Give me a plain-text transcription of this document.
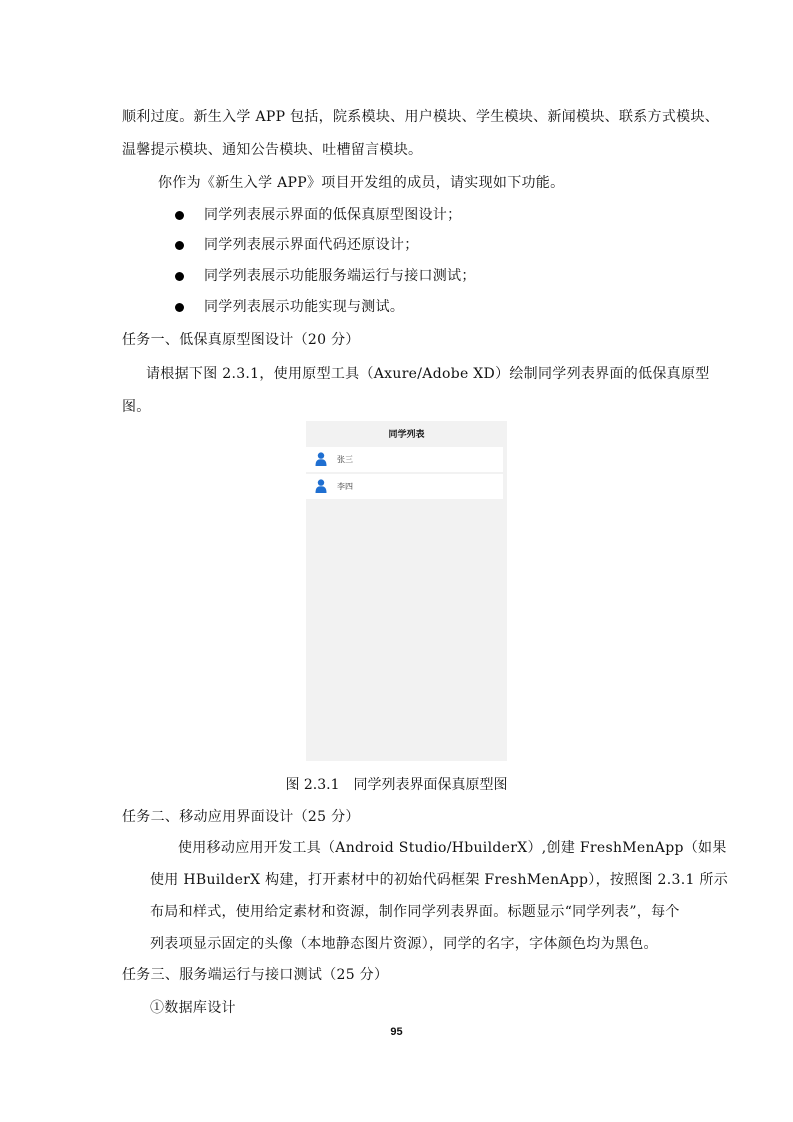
顺利过度。新生入学 APP 包括，院系模块、用户模块、学生模块、新闻模块、联系方式模块、
温馨提示模块、通知公告模块、吐槽留言模块。
你作为《新生入学 APP》项目开发组的成员，请实现如下功能。
同学列表展示界面的低保真原型图设计；
同学列表展示界面代码还原设计；
同学列表展示功能服务端运行与接口测试；
同学列表展示功能实现与测试。
任务一、低保真原型图设计（20 分）
请根据下图 2.3.1，使用原型工具（Axure/Adobe XD）绘制同学列表界面的低保真原型
图。
同学列表
张三
李四
图 2.3.1　同学列表界面保真原型图
任务二、移动应用界面设计（25 分）
使用移动应用开发工具（Android Studio/HbuilderX）,创建 FreshMenApp（如果
使用 HBuilderX 构建，打开素材中的初始代码框架 FreshMenApp），按照图 2.3.1 所示
布局和样式，使用给定素材和资源，制作同学列表界面。标题显示“同学列表”，每个
列表项显示固定的头像（本地静态图片资源），同学的名字，字体颜色均为黑色。
任务三、服务端运行与接口测试（25 分）
①数据库设计
95
